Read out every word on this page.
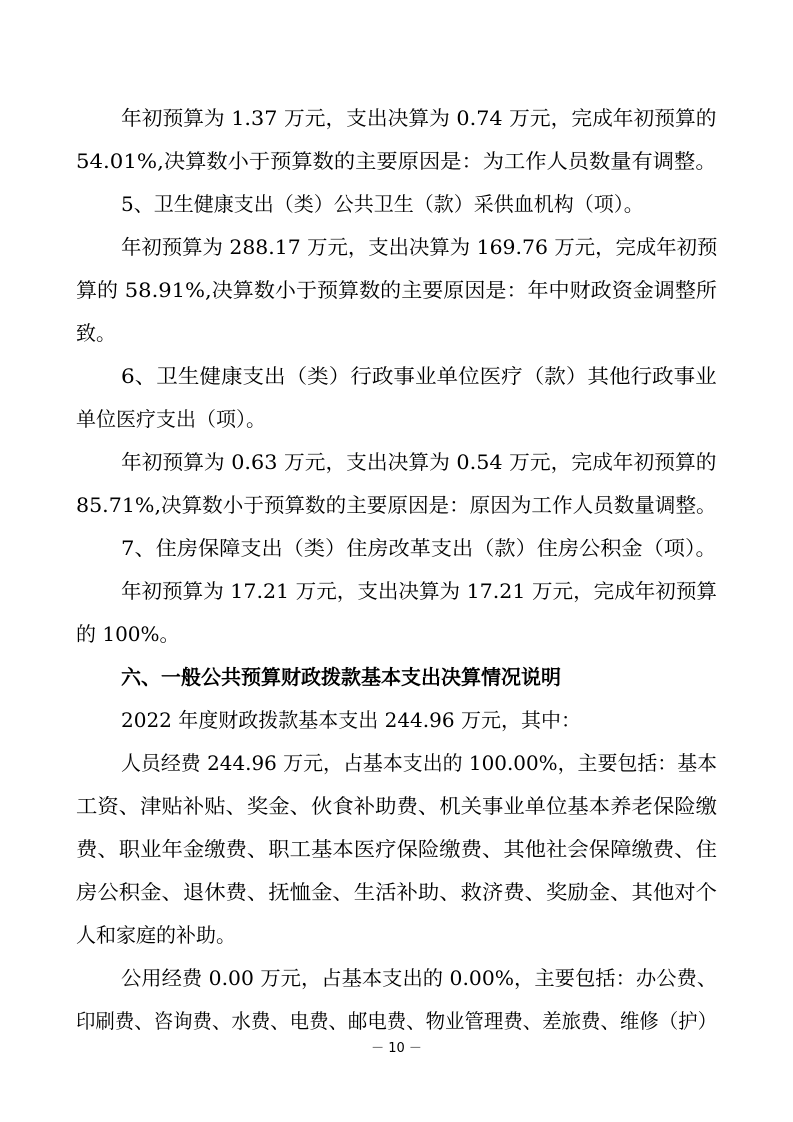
年初预算为 1.37 万元，支出决算为 0.74 万元，完成年初预算的
54.01%,决算数小于预算数的主要原因是：为工作人员数量有调整。
5、卫生健康支出（类）公共卫生（款）采供血机构（项）。
年初预算为 288.17 万元，支出决算为 169.76 万元，完成年初预
算的 58.91%,决算数小于预算数的主要原因是：年中财政资金调整所
致。
6、卫生健康支出（类）行政事业单位医疗（款）其他行政事业
单位医疗支出（项）。
年初预算为 0.63 万元，支出决算为 0.54 万元，完成年初预算的
85.71%,决算数小于预算数的主要原因是：原因为工作人员数量调整。
7、住房保障支出（类）住房改革支出（款）住房公积金（项）。
年初预算为 17.21 万元，支出决算为 17.21 万元，完成年初预算
的 100%。
六、一般公共预算财政拨款基本支出决算情况说明
2022 年度财政拨款基本支出 244.96 万元，其中：
人员经费 244.96 万元，占基本支出的 100.00%，主要包括：基本
工资、津贴补贴、奖金、伙食补助费、机关事业单位基本养老保险缴
费、职业年金缴费、职工基本医疗保险缴费、其他社会保障缴费、住
房公积金、退休费、抚恤金、生活补助、救济费、奖励金、其他对个
人和家庭的补助。
公用经费 0.00 万元，占基本支出的 0.00%，主要包括：办公费、
印刷费、咨询费、水费、电费、邮电费、物业管理费、差旅费、维修（护）
－ 10 －
